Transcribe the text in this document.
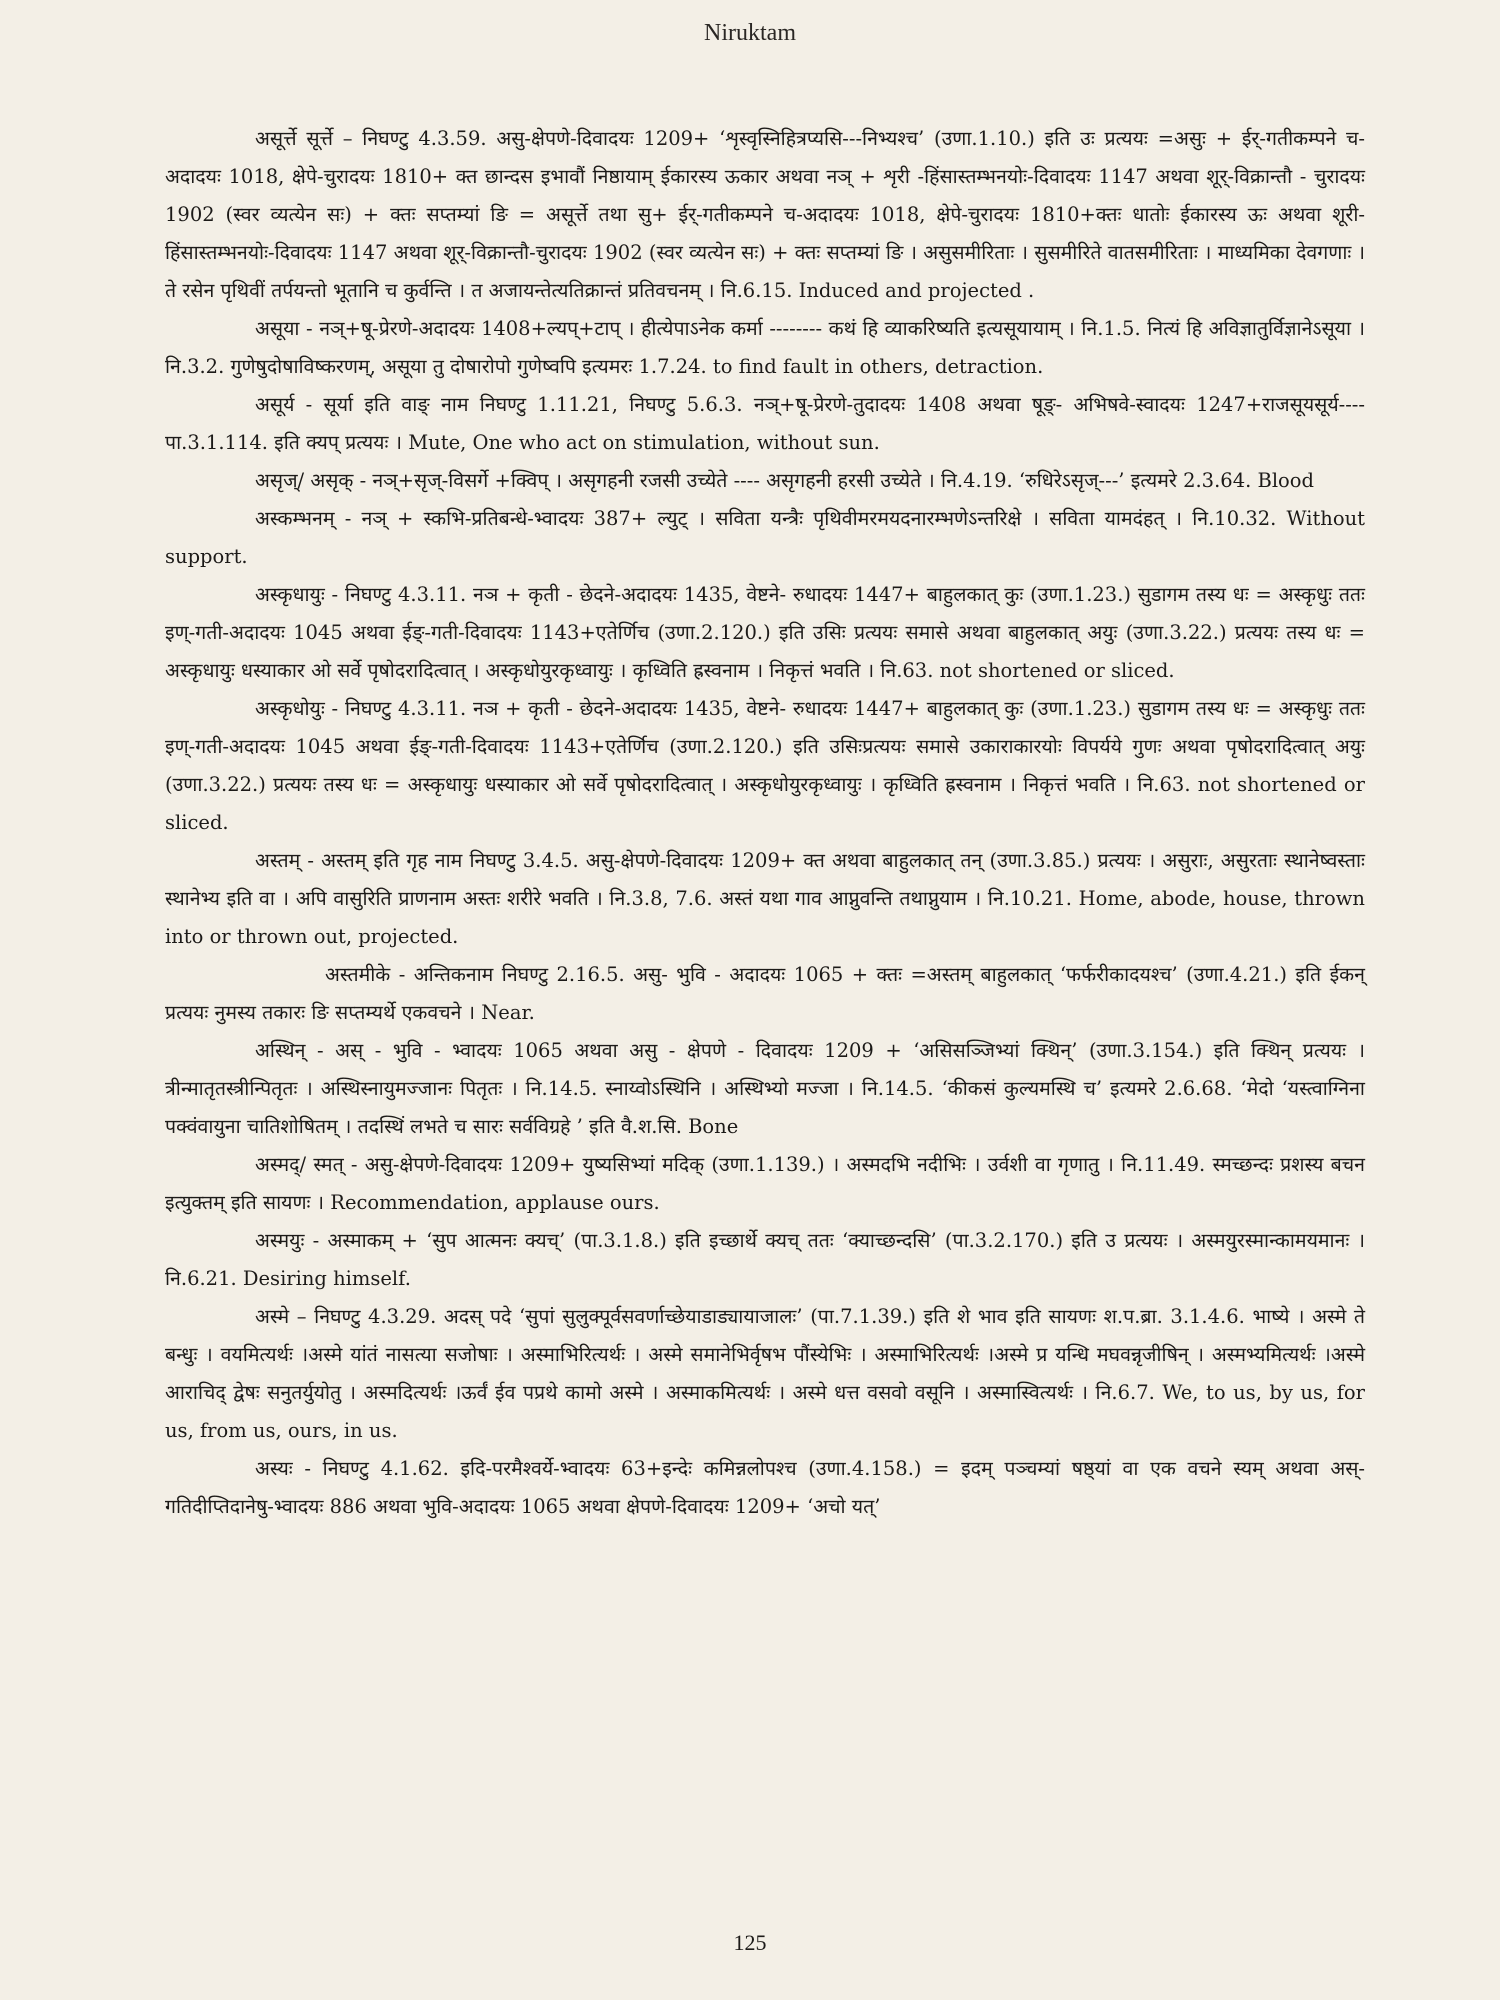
Niruktam

असूर्त्ते सूर्त्ते – निघण्टु 4.3.59. असु-क्षेपणे-दिवादयः 1209+ ‘शृस्वृस्निहित्रप्यसि---निभ्यश्च’ (उणा.1.10.) इति उः प्रत्ययः =असुः + ईर्-गतीकम्पने च-अदादयः 1018, क्षेपे-चुरादयः 1810+ क्त छान्दस इभावौं निष्ठायाम् ईकारस्य ऊकार अथवा नञ् + शृरी -हिंसास्तम्भनयोः-दिवादयः 1147 अथवा शूर्-विक्रान्तौ - चुरादयः 1902 (स्वर व्यत्येन सः) + क्तः सप्तम्यां ङि = असूर्त्ते तथा सु+ ईर्-गतीकम्पने च-अदादयः 1018, क्षेपे-चुरादयः 1810+क्तः धातोः ईकारस्य ऊः अथवा शूरी-हिंसास्तम्भनयोः-दिवादयः 1147 अथवा शूर्-विक्रान्तौ-चुरादयः 1902 (स्वर व्यत्येन सः) + क्तः सप्तम्यां ङि । असुसमीरिताः । सुसमीरिते वातसमीरिताः । माध्यमिका देवगणाः । ते रसेन पृथिवीं तर्पयन्तो भूतानि च कुर्वन्ति । त अजायन्तेत्यतिक्रान्तं प्रतिवचनम् । नि.6.15. Induced and projected .

असूया - नञ्+षू-प्रेरणे-अदादयः 1408+ल्यप्+टाप् । हीत्येपाऽनेक कर्मा -------- कथं हि व्याकरिष्यति इत्यसूयायाम् । नि.1.5. नित्यं हि अविज्ञातुर्विज्ञानेऽसूया । नि.3.2. गुणेषुदोषाविष्करणम्, असूया तु दोषारोपो गुणेष्वपि इत्यमरः 1.7.24. to find fault in others, detraction.

असूर्य - सूर्या इति वाङ् नाम निघण्टु 1.11.21, निघण्टु 5.6.3. नञ्+षू-प्रेरणे-तुदादयः 1408 अथवा षूङ्- अभिषवे-स्वादयः 1247+राजसूयसूर्य----पा.3.1.114. इति क्यप् प्रत्ययः । Mute, One who act on stimulation, without sun.

असृज्/ असृक् - नञ्+सृज्-विसर्गे +क्विप् । असृगहनी रजसी उच्येते ---- असृगहनी हरसी उच्येते । नि.4.19. ‘रुधिरेऽसृज्---’ इत्यमरे 2.3.64. Blood

अस्कम्भनम् - नञ् + स्कभि-प्रतिबन्धे-भ्वादयः 387+ ल्युट् । सविता यन्त्रैः पृथिवीमरमयदनारम्भणेऽन्तरिक्षे । सविता यामदंहत् । नि.10.32. Without support.

अस्कृधायुः - निघण्टु 4.3.11. नञ + कृती - छेदने-अदादयः 1435, वेष्टने- रुधादयः 1447+ बाहुलकात् कुः (उणा.1.23.) सुडागम तस्य धः = अस्कृधुः ततः इण्-गती-अदादयः 1045 अथवा ईङ्-गती-दिवादयः 1143+एतेर्णिच (उणा.2.120.) इति उसिः प्रत्ययः समासे अथवा बाहुलकात् अयुः (उणा.3.22.) प्रत्ययः तस्य धः = अस्कृधायुः धस्याकार ओ सर्वे पृषोदरादित्वात् । अस्कृधोयुरकृध्वायुः । कृध्विति ह्रस्वनाम । निकृत्तं भवति । नि.63. not shortened or sliced.

अस्कृधोयुः - निघण्टु 4.3.11. नञ + कृती - छेदने-अदादयः 1435, वेष्टने- रुधादयः 1447+ बाहुलकात् कुः (उणा.1.23.) सुडागम तस्य धः = अस्कृधुः ततः इण्-गती-अदादयः 1045 अथवा ईङ्-गती-दिवादयः 1143+एतेर्णिच (उणा.2.120.) इति उसिःप्रत्ययः समासे उकाराकारयोः विपर्यये गुणः अथवा पृषोदरादित्वात् अयुः (उणा.3.22.) प्रत्ययः तस्य धः = अस्कृधायुः धस्याकार ओ सर्वे पृषोदरादित्वात् । अस्कृधोयुरकृध्वायुः । कृध्विति ह्रस्वनाम । निकृत्तं भवति । नि.63. not shortened or sliced.

अस्तम् - अस्तम् इति गृह नाम निघण्टु 3.4.5. असु-क्षेपणे-दिवादयः 1209+ क्त अथवा बाहुलकात् तन् (उणा.3.85.) प्रत्ययः । असुराः, असुरताः स्थानेष्वस्ताः स्थानेभ्य इति वा । अपि वासुरिति प्राणनाम अस्तः शरीरे भवति । नि.3.8, 7.6. अस्तं यथा गाव आप्नुवन्ति तथाप्नुयाम । नि.10.21. Home, abode, house, thrown into or thrown out, projected.

अस्तमीके - अन्तिकनाम निघण्टु 2.16.5. असु- भुवि - अदादयः 1065 + क्तः =अस्तम् बाहुलकात् ‘फर्फरीकादयश्च’ (उणा.4.21.) इति ईकन् प्रत्ययः नुमस्य तकारः ङि सप्तम्यर्थे एकवचने । Near.

अस्थिन् - अस् - भुवि - भ्वादयः 1065 अथवा असु - क्षेपणे - दिवादयः 1209 + ‘असिसञ्जिभ्यां क्थिन्’ (उणा.3.154.) इति क्थिन् प्रत्ययः । त्रीन्मातृतस्त्रीन्पितृतः । अस्थिस्नायुमज्जानः पितृतः । नि.14.5. स्नाय्वोऽस्थिनि । अस्थिभ्यो मज्जा । नि.14.5. ‘कीकसं कुल्यमस्थि च’ इत्यमरे 2.6.68. ‘मेदो ‘यस्त्वाग्निना पक्वंवायुना चातिशोषितम् । तदस्थिं लभते च सारः सर्वविग्रहे ’ इति वै.श.सि. Bone

अस्मद्/ स्मत् - असु-क्षेपणे-दिवादयः 1209+ युष्यसिभ्यां मदिक् (उणा.1.139.) । अस्मदभि नदीभिः । उर्वशी वा गृणातु । नि.11.49. स्मच्छन्दः प्रशस्य बचन इत्युक्तम् इति सायणः । Recommendation, applause ours.

अस्मयुः - अस्माकम् + ‘सुप आत्मनः क्यच्’ (पा.3.1.8.) इति इच्छार्थे क्यच् ततः ‘क्याच्छन्दसि’ (पा.3.2.170.) इति उ प्रत्ययः । अस्मयुरस्मान्कामयमानः । नि.6.21. Desiring himself.

अस्मे – निघण्टु 4.3.29. अदस् पदे ‘सुपां सुलुक्पूर्वसवर्णाच्छेयाडाड्यायाजालः’ (पा.7.1.39.) इति शे भाव इति सायणः श.प.ब्रा. 3.1.4.6. भाष्ये । अस्मे ते बन्धुः । वयमित्यर्थः ।अस्मे यांतं नासत्या सजोषाः । अस्माभिरित्यर्थः । अस्मे समानेभिर्वृषभ पौंस्येभिः । अस्माभिरित्यर्थः ।अस्मे प्र यन्धि मघवन्नृजीषिन् । अस्मभ्यमित्यर्थः ।अस्मे आराचिद् द्वेषः सनुतर्युयोतु । अस्मदित्यर्थः ।ऊर्वं ईव पप्रथे कामो अस्मे । अस्माकमित्यर्थः । अस्मे धत्त वसवो वसूनि । अस्मास्वित्यर्थः । नि.6.7. We, to us, by us, for us, from us, ours, in us.

अस्यः - निघण्टु 4.1.62. इदि-परमैश्वर्ये-भ्वादयः 63+इन्देः कमिन्नलोपश्च (उणा.4.158.) = इदम् पञ्चम्यां षष्ठ्यां वा एक वचने स्यम् अथवा अस्-गतिदीप्तिदानेषु-भ्वादयः 886 अथवा भुवि-अदादयः 1065 अथवा क्षेपणे-दिवादयः 1209+ ‘अचो यत्’

125
